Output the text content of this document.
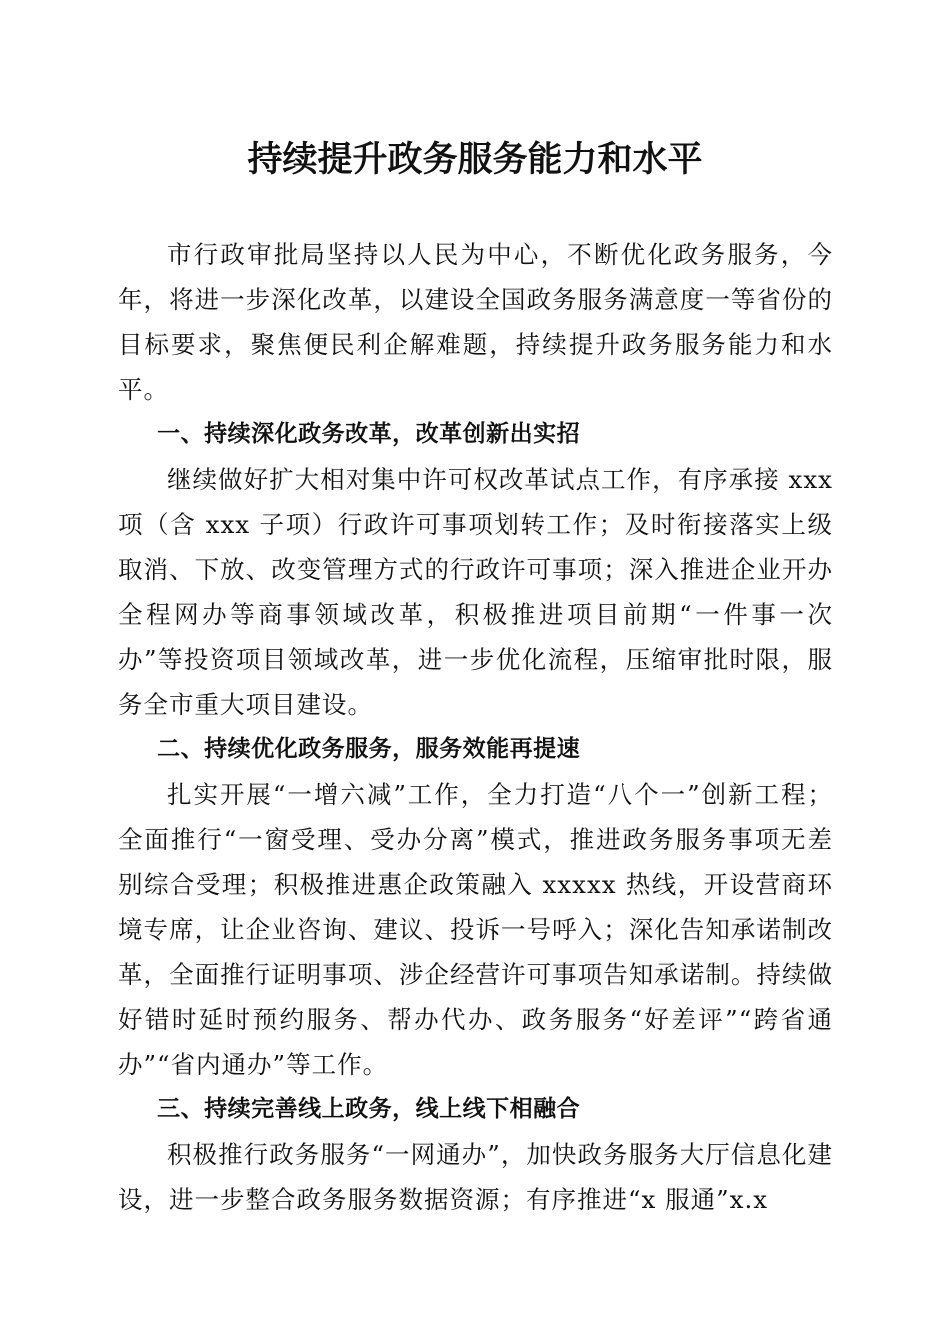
持续提升政务服务能力和水平

市行政审批局坚持以人民为中心，不断优化政务服务，今年，将进一步深化改革，以建设全国政务服务满意度一等省份的目标要求，聚焦便民利企解难题，持续提升政务服务能力和水平。

一、持续深化政务改革，改革创新出实招

继续做好扩大相对集中许可权改革试点工作，有序承接 xxx 项（含 xxx 子项）行政许可事项划转工作；及时衔接落实上级取消、下放、改变管理方式的行政许可事项；深入推进企业开办全程网办等商事领域改革，积极推进项目前期“一件事一次办”等投资项目领域改革，进一步优化流程，压缩审批时限，服务全市重大项目建设。

二、持续优化政务服务，服务效能再提速

扎实开展“一增六减”工作，全力打造“八个一”创新工程；全面推行“一窗受理、受办分离”模式，推进政务服务事项无差别综合受理；积极推进惠企政策融入 xxxxx 热线，开设营商环境专席，让企业咨询、建议、投诉一号呼入；深化告知承诺制改革，全面推行证明事项、涉企经营许可事项告知承诺制。持续做好错时延时预约服务、帮办代办、政务服务“好差评”“跨省通办”“省内通办”等工作。

三、持续完善线上政务，线上线下相融合

积极推行政务服务“一网通办”，加快政务服务大厅信息化建设，进一步整合政务服务数据资源；有序推进“x 服通”x.x
